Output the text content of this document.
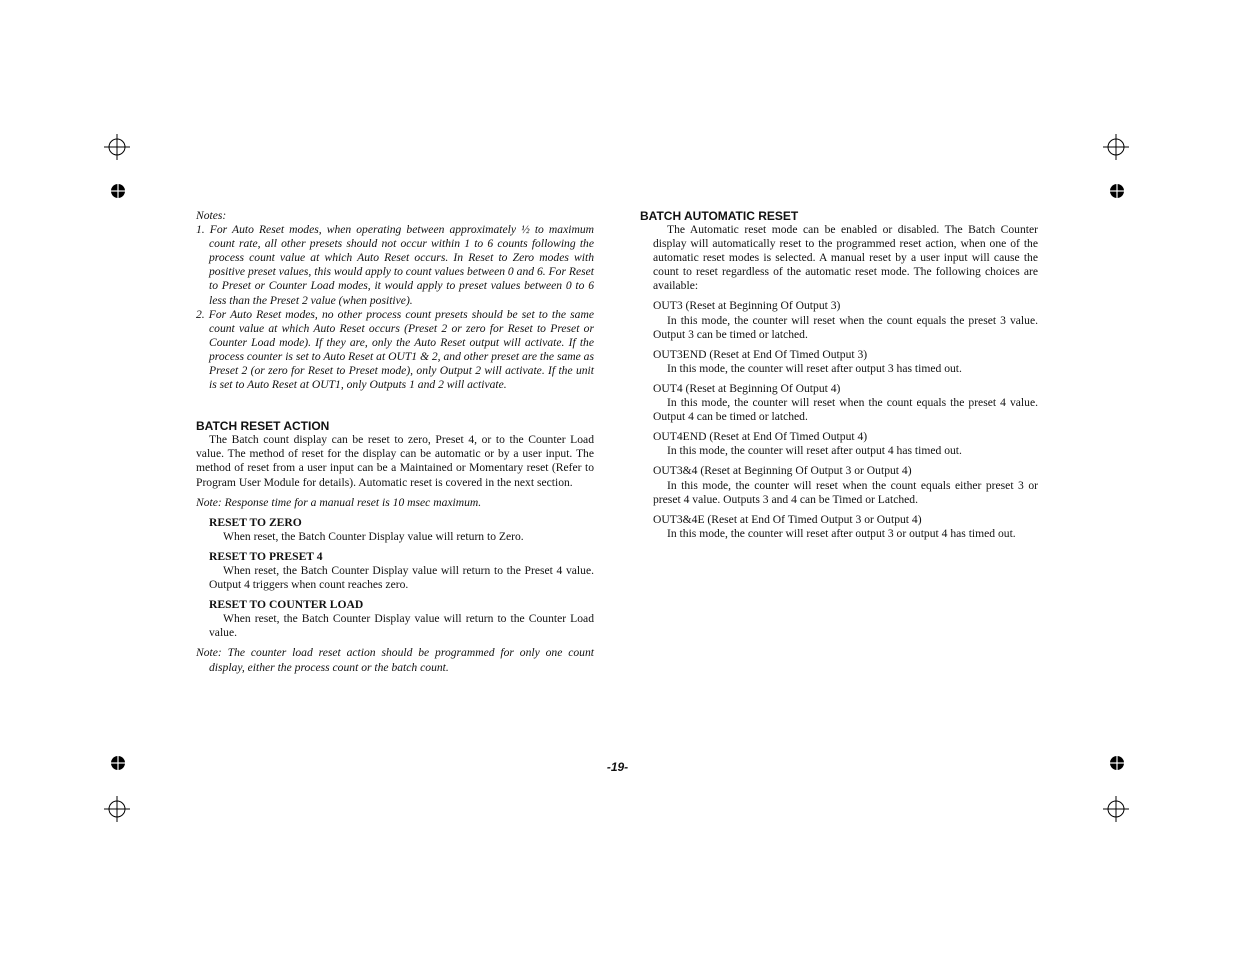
Notes:

1. For Auto Reset modes, when operating between approximately ½ to maximum count rate, all other presets should not occur within 1 to 6 counts following the process count value at which Auto Reset occurs. In Reset to Zero modes with positive preset values, this would apply to count values between 0 and 6. For Reset to Preset or Counter Load modes, it would apply to preset values between 0 to 6 less than the Preset 2 value (when positive).

2. For Auto Reset modes, no other process count presets should be set to the same count value at which Auto Reset occurs (Preset 2 or zero for Reset to Preset or Counter Load mode). If they are, only the Auto Reset output will activate. If the process counter is set to Auto Reset at OUT1 & 2, and other preset are the same as Preset 2 (or zero for Reset to Preset mode), only Output 2 will activate. If the unit is set to Auto Reset at OUT1, only Outputs 1 and 2 will activate.

BATCH RESET ACTION

The Batch count display can be reset to zero, Preset 4, or to the Counter Load value. The method of reset for the display can be automatic or by a user input. The method of reset from a user input can be a Maintained or Momentary reset (Refer to Program User Module for details). Automatic reset is covered in the next section.

Note: Response time for a manual reset is 10 msec maximum.

RESET TO ZERO

When reset, the Batch Counter Display value will return to Zero.

RESET TO PRESET 4

When reset, the Batch Counter Display value will return to the Preset 4 value. Output 4 triggers when count reaches zero.

RESET TO COUNTER LOAD

When reset, the Batch Counter Display value will return to the Counter Load value.

Note: The counter load reset action should be programmed for only one count display, either the process count or the batch count.

BATCH AUTOMATIC RESET

The Automatic reset mode can be enabled or disabled. The Batch Counter display will automatically reset to the programmed reset action, when one of the automatic reset modes is selected. A manual reset by a user input will cause the count to reset regardless of the automatic reset mode. The following choices are available:

OUT3 (Reset at Beginning Of Output 3)

In this mode, the counter will reset when the count equals the preset 3 value. Output 3 can be timed or latched.

OUT3END (Reset at End Of Timed Output 3)

In this mode, the counter will reset after output 3 has timed out.

OUT4 (Reset at Beginning Of Output 4)

In this mode, the counter will reset when the count equals the preset 4 value. Output 4 can be timed or latched.

OUT4END (Reset at End Of Timed Output 4)

In this mode, the counter will reset after output 4 has timed out.

OUT3&4 (Reset at Beginning Of Output 3 or Output 4)

In this mode, the counter will reset when the count equals either preset 3 or preset 4 value. Outputs 3 and 4 can be Timed or Latched.

OUT3&4E (Reset at End Of Timed Output 3 or Output 4)

In this mode, the counter will reset after output 3 or output 4 has timed out.

-19-
